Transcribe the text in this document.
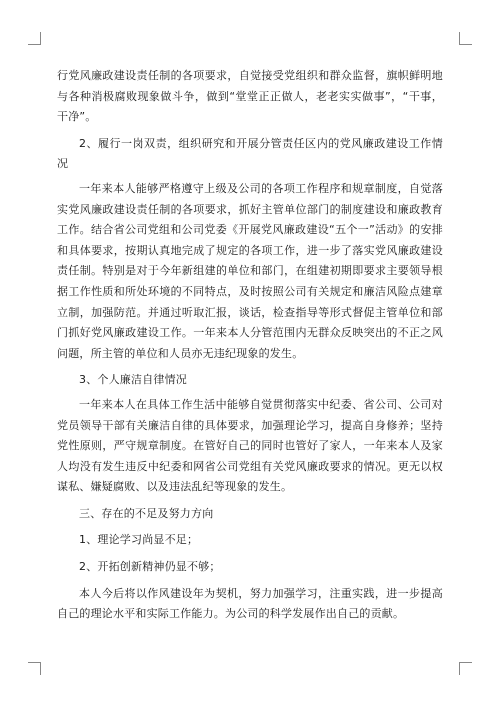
行党风廉政建设责任制的各项要求，自觉接受党组织和群众监督，旗帜鲜明地与各种消极腐败现象做斗争，做到“堂堂正正做人，老老实实做事”，“干事，干净”。

2、履行一岗双责，组织研究和开展分管责任区内的党风廉政建设工作情况

一年来本人能够严格遵守上级及公司的各项工作程序和规章制度，自觉落实党风廉政建设责任制的各项要求，抓好主管单位部门的制度建设和廉政教育工作。结合省公司党组和公司党委《开展党风廉政建设“五个一”活动》的安排和具体要求，按期认真地完成了规定的各项工作，进一步了落实党风廉政建设责任制。特别是对于今年新组建的单位和部门，在组建初期即要求主要领导根据工作性质和所处环境的不同特点，及时按照公司有关规定和廉洁风险点建章立制，加强防范。并通过听取汇报，谈话，检查指导等形式督促主管单位和部门抓好党风廉政建设工作。一年来本人分管范围内无群众反映突出的不正之风问题，所主管的单位和人员亦无违纪现象的发生。

3、个人廉洁自律情况

一年来本人在具体工作生活中能够自觉贯彻落实中纪委、省公司、公司对党员领导干部有关廉洁自律的具体要求，加强理论学习，提高自身修养；坚持党性原则，严守规章制度。在管好自己的同时也管好了家人，一年来本人及家人均没有发生违反中纪委和网省公司党组有关党风廉政要求的情况。更无以权谋私、嫌疑腐败、以及违法乱纪等现象的发生。

三、存在的不足及努力方向

1、理论学习尚显不足；

2、开拓创新精神仍显不够；

本人今后将以作风建设年为契机，努力加强学习，注重实践，进一步提高自己的理论水平和实际工作能力。为公司的科学发展作出自己的贡献。
